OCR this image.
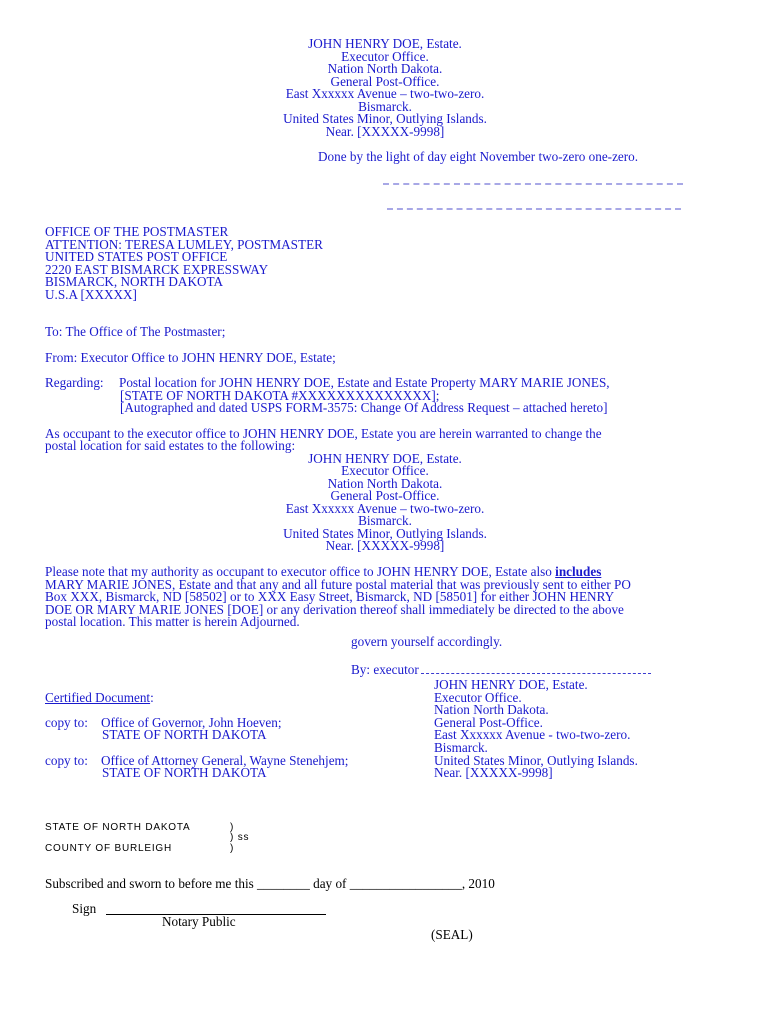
JOHN HENRY DOE, Estate.
Executor Office.
Nation North Dakota.
General Post-Office.
East Xxxxxx Avenue – two-two-zero.
Bismarck.
United States Minor, Outlying Islands.
Near. [XXXXX-9998]
Done by the light of day eight November two-zero one-zero.
OFFICE OF THE POSTMASTER
ATTENTION: TERESA LUMLEY, POSTMASTER
UNITED STATES POST OFFICE
2220 EAST BISMARCK EXPRESSWAY
BISMARCK, NORTH DAKOTA
U.S.A [XXXXX]
To: The Office of The Postmaster;
From: Executor Office to JOHN HENRY DOE, Estate;
Regarding: Postal location for JOHN HENRY DOE, Estate and Estate Property MARY MARIE JONES,
[STATE OF NORTH DAKOTA #XXXXXXXXXXXXXX];
[Autographed and dated USPS FORM-3575: Change Of Address Request – attached hereto]
As occupant to the executor office to JOHN HENRY DOE, Estate you are herein warranted to change the
postal location for said estates to the following:
JOHN HENRY DOE, Estate.
Executor Office.
Nation North Dakota.
General Post-Office.
East Xxxxxx Avenue – two-two-zero.
Bismarck.
United States Minor, Outlying Islands.
Near. [XXXXX-9998]
Please note that my authority as occupant to executor office to JOHN HENRY DOE, Estate also includes
MARY MARIE JONES, Estate and that any and all future postal material that was previously sent to either PO
Box XXX, Bismarck, ND [58502] or to XXX Easy Street, Bismarck, ND [58501] for either JOHN HENRY
DOE OR MARY MARIE JONES [DOE] or any derivation thereof shall immediately be directed to the above
postal location. This matter is herein Adjourned.
govern yourself accordingly.
By: executor
JOHN HENRY DOE, Estate.
Executor Office.
Nation North Dakota.
General Post-Office.
East Xxxxxx Avenue - two-two-zero.
Bismarck.
United States Minor, Outlying Islands.
Near. [XXXXX-9998]
Certified Document:
copy to: Office of Governor, John Hoeven;
STATE OF NORTH DAKOTA
copy to: Office of Attorney General, Wayne Stenehjem;
STATE OF NORTH DAKOTA
STATE OF NORTH DAKOTA	)
) ss
COUNTY OF BURLEIGH	)
Subscribed and sworn to before me this ________ day of _________________, 2010
Sign
Notary Public
(SEAL)
